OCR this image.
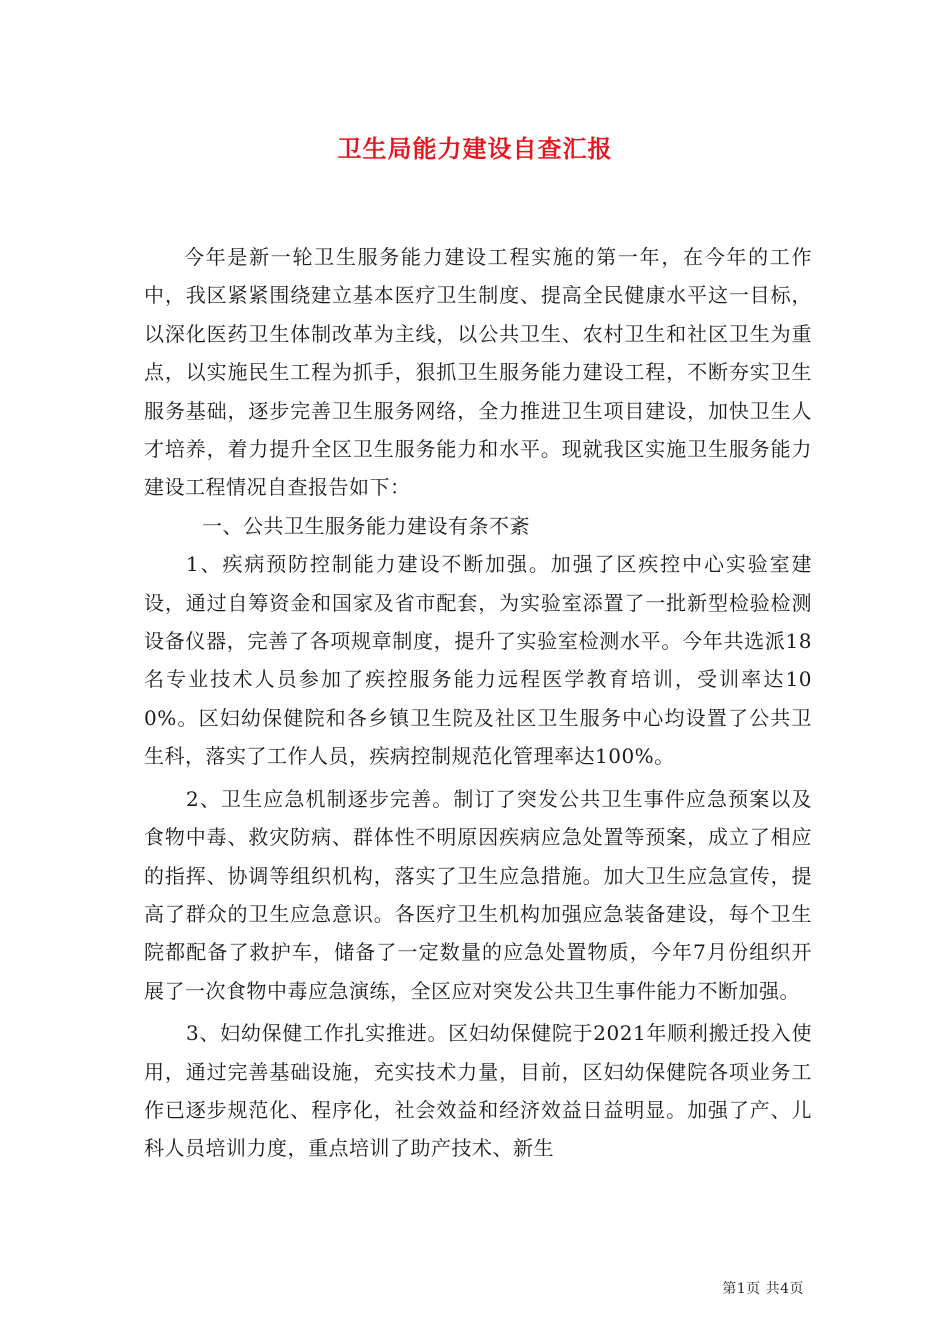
卫生局能力建设自查汇报

今年是新一轮卫生服务能力建设工程实施的第一年，在今年的工作中，我区紧紧围绕建立基本医疗卫生制度、提高全民健康水平这一目标，以深化医药卫生体制改革为主线，以公共卫生、农村卫生和社区卫生为重点，以实施民生工程为抓手，狠抓卫生服务能力建设工程，不断夯实卫生服务基础，逐步完善卫生服务网络，全力推进卫生项目建设，加快卫生人才培养，着力提升全区卫生服务能力和水平。现就我区实施卫生服务能力建设工程情况自查报告如下：

一、公共卫生服务能力建设有条不紊

1、疾病预防控制能力建设不断加强。加强了区疾控中心实验室建设，通过自筹资金和国家及省市配套，为实验室添置了一批新型检验检测设备仪器，完善了各项规章制度，提升了实验室检测水平。今年共选派18名专业技术人员参加了疾控服务能力远程医学教育培训，受训率达100%。区妇幼保健院和各乡镇卫生院及社区卫生服务中心均设置了公共卫生科，落实了工作人员，疾病控制规范化管理率达100%。

2、卫生应急机制逐步完善。制订了突发公共卫生事件应急预案以及食物中毒、救灾防病、群体性不明原因疾病应急处置等预案，成立了相应的指挥、协调等组织机构，落实了卫生应急措施。加大卫生应急宣传，提高了群众的卫生应急意识。各医疗卫生机构加强应急装备建设，每个卫生院都配备了救护车，储备了一定数量的应急处置物质，今年7月份组织开展了一次食物中毒应急演练，全区应对突发公共卫生事件能力不断加强。

3、妇幼保健工作扎实推进。区妇幼保健院于2021年顺利搬迁投入使用，通过完善基础设施，充实技术力量，目前，区妇幼保健院各项业务工作已逐步规范化、程序化，社会效益和经济效益日益明显。加强了产、儿科人员培训力度，重点培训了助产技术、新生

第1页 共4页
